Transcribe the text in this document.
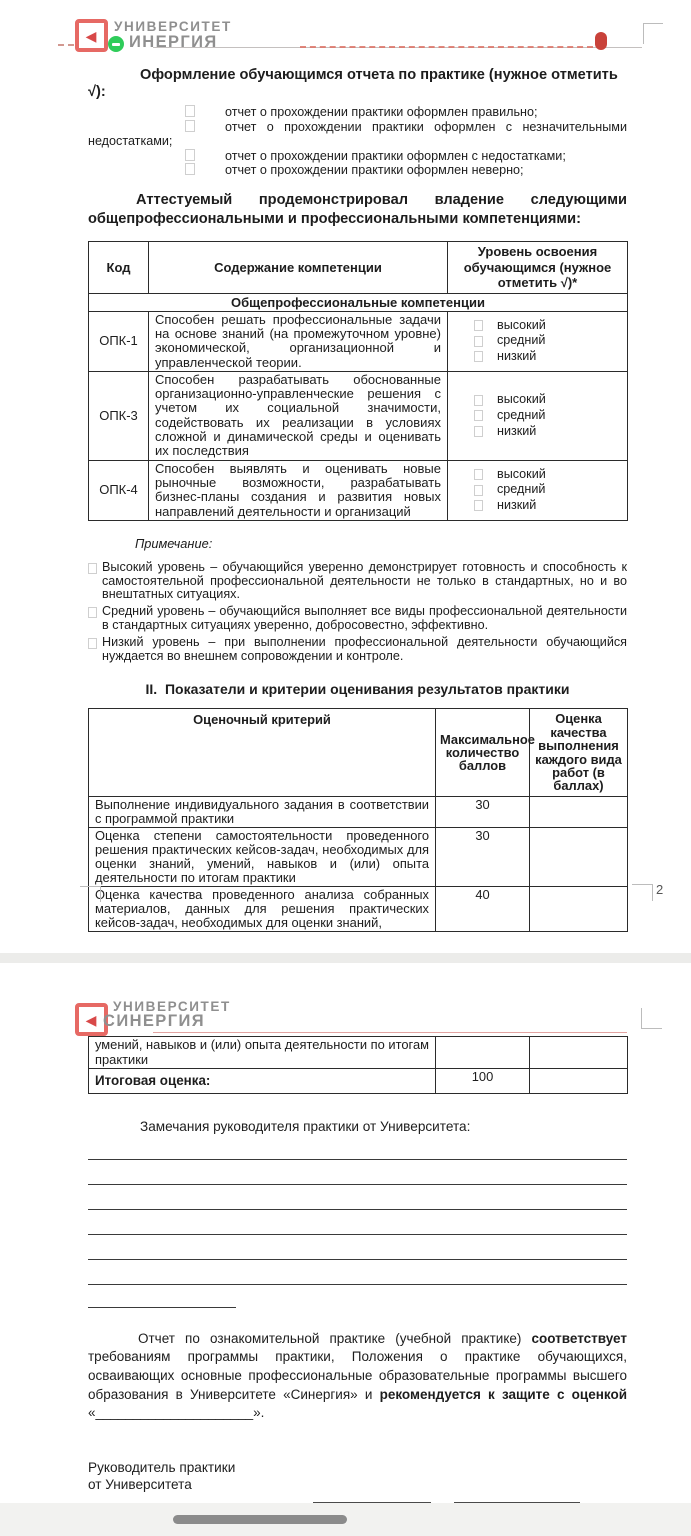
◀
УНИВЕРСИТЕТ
ИНЕРГИЯ

Оформление обучающимся отчета по практике (нужное отметить √):

отчет о прохождении практики оформлен правильно;
отчет о прохождении практики оформлен с незначительными недостатками;
отчет о прохождении практики оформлен с недостатками;
отчет о прохождении практики оформлен неверно;

Аттестуемый продемонстрировал владение следующими общепрофессиональными и профессиональными компетенциями:

Код	Содержание компетенции	Уровень освоения обучающимся (нужное отметить √)*
Общепрофессиональные компетенции		
ОПК-1	Способен решать профессиональные задачи на основе знаний (на промежуточном уровне) экономической, организационной и управленческой теории.	высокий
средний
низкий

ОПК-3	Способен разрабатывать обоснованные организационно-управленческие решения с учетом их социальной значимости, содействовать их реализации в условиях сложной и динамической среды и оценивать их последствия	
высокий
средний
низкий

ОПК-4	Способен выявлять и оценивать новые рыночные возможности, разрабатывать бизнес-планы создания и развития новых направлений деятельности и организаций	высокий
средний
низкий

Примечание:

Высокий уровень – обучающийся уверенно демонстрирует готовность и способность к самостоятельной профессиональной деятельности не только в стандартных, но и во внештатных ситуациях.
Средний уровень – обучающийся выполняет все виды профессиональной деятельности в стандартных ситуациях уверенно, добросовестно, эффективно.
Низкий уровень – при выполнении профессиональной деятельности обучающийся нуждается во внешнем сопровождении и контроле.

II.  Показатели и критерии оценивания результатов практики

Оценочный критерий	Максимальное количество баллов	Оценка качества выполнения каждого вида работ (в баллах)
Выполнение индивидуального задания в соответствии с программой практики	30	
Оценка степени самостоятельности проведенного решения практических кейсов-задач, необходимых для оценки знаний, умений, навыков и (или) опыта деятельности по итогам практики	30	
Оценка качества проведенного анализа собранных материалов, данных для решения практических кейсов-задач, необходимых для оценки знаний,	40		2
◀
УНИВЕРСИТЕТ
СИНЕРГИЯ
умений, навыков и (или) опыта деятельности по итогам практики		
Итоговая оценка:	100	

Замечания руководителя практики от Университета:

Отчет по ознакомительной практике (учебной практике) соответствует требованиям программы практики, Положения о практике обучающихся, осваивающих основные профессиональные образовательные программы высшего образования в Университете «Синергия» и рекомендуется к защите с оценкой «_____________________».

Руководитель практики
от Университета
